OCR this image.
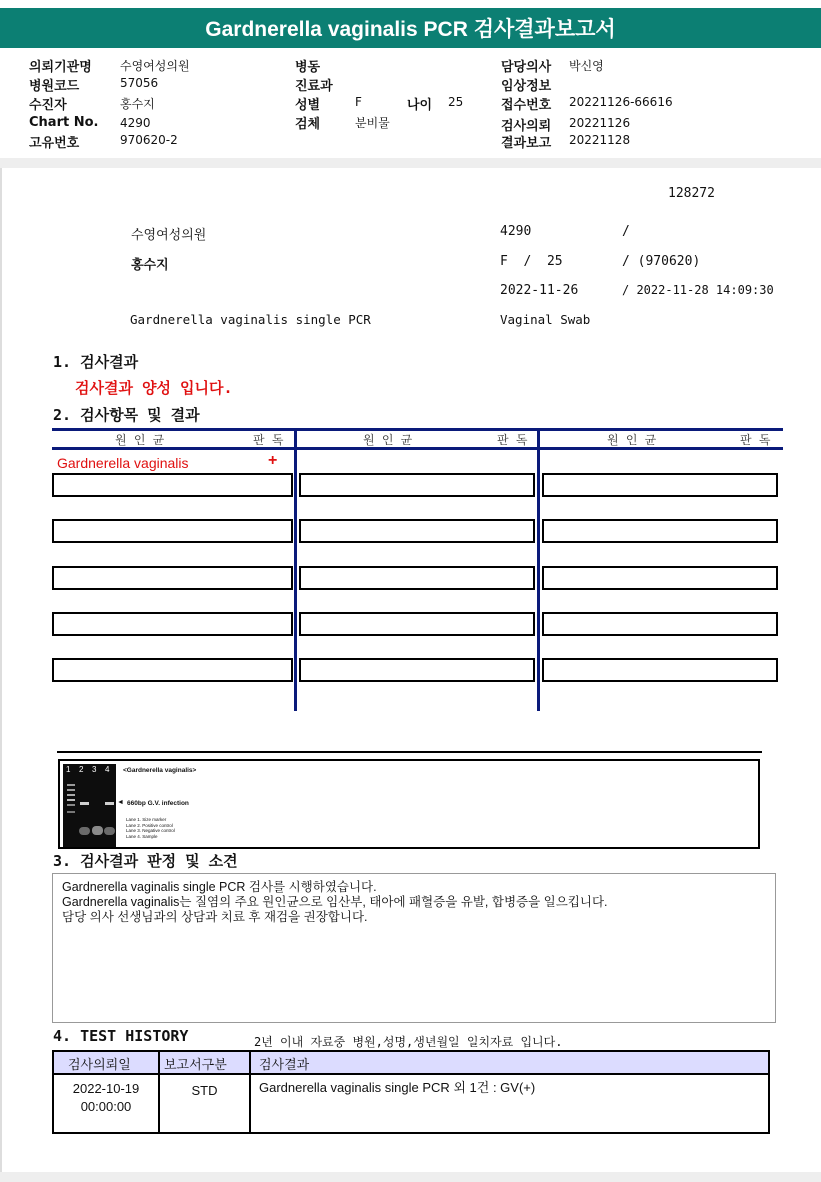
Gardnerella vaginalis PCR 검사결과보고서
의뢰기관명 수영여성의원
병원코드	57056
수진자	홍수지
Chart No. 4290
고유번호	970620-2
병동
진료과
성별	F	나이 25
검체	분비물
담당의사 박신영
임상정보
접수번호 20221126-66616
검사의뢰 20221126
결과보고 20221128
128272
수영여성의원	4290	/
홍수지	F  /  25	/ (970620)
2022-11-26	/ 2022-11-28 14:09:30
Gardnerella vaginalis single PCR	Vaginal Swab
1. 검사결과
검사결과 양성 입니다.
2. 검사항목 및 결과
원 인 균	판 독	원 인 균	판 독	원 인 균	판 독
Gardnerella vaginalis	+
1 2 3 4 <Gardnerella vaginalis>
◄ 660bp G.V. infection
Lane 1. Size marker
Lane 2. Positive control
Lane 3. Negative control
Lane 4. Sample
3. 검사결과 판정 및 소견
Gardnerella vaginalis single PCR 검사를 시행하였습니다.
Gardnerella vaginalis는 질염의 주요 원인균으로 임산부, 태아에 패혈증을 유발, 합병증을 일으킵니다.
담당 의사 선생님과의 상담과 치료 후 재검을 권장합니다.
4. TEST HISTORY	2년 이내 자료중 병원,성명,생년월일 일치자료 입니다.
검사의뢰일	보고서구분 검사결과
2022-10-19
00:00:00
STD	Gardnerella vaginalis single PCR 외 1건 : GV(+)
